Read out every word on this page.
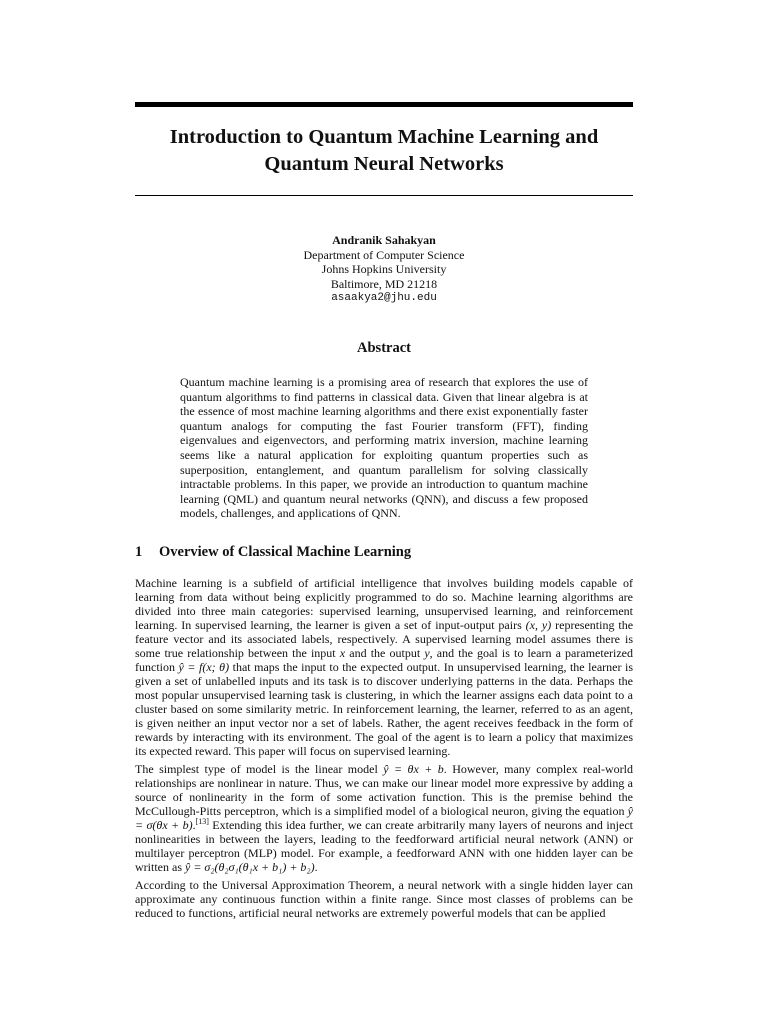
Introduction to Quantum Machine Learning and Quantum Neural Networks
Andranik Sahakyan
Department of Computer Science
Johns Hopkins University
Baltimore, MD 21218
asaakya2@jhu.edu
Abstract
Quantum machine learning is a promising area of research that explores the use of quantum algorithms to find patterns in classical data. Given that linear algebra is at the essence of most machine learning algorithms and there exist exponentially faster quantum analogs for computing the fast Fourier transform (FFT), finding eigenvalues and eigenvectors, and performing matrix inversion, machine learning seems like a natural application for exploiting quantum properties such as superposition, entanglement, and quantum parallelism for solving classically intractable problems. In this paper, we provide an introduction to quantum machine learning (QML) and quantum neural networks (QNN), and discuss a few proposed models, challenges, and applications of QNN.
1 Overview of Classical Machine Learning

Machine learning is a subfield of artificial intelligence that involves building models capable of learning from data without being explicitly programmed to do so. Machine learning algorithms are divided into three main categories: supervised learning, unsupervised learning, and reinforcement learning. In supervised learning, the learner is given a set of input-output pairs (x, y) representing the feature vector and its associated labels, respectively. A supervised learning model assumes there is some true relationship between the input x and the output y, and the goal is to learn a parameterized function ŷ = f(x; θ) that maps the input to the expected output. In unsupervised learning, the learner is given a set of unlabelled inputs and its task is to discover underlying patterns in the data. Perhaps the most popular unsupervised learning task is clustering, in which the learner assigns each data point to a cluster based on some similarity metric. In reinforcement learning, the learner, referred to as an agent, is given neither an input vector nor a set of labels. Rather, the agent receives feedback in the form of rewards by interacting with its environment. The goal of the agent is to learn a policy that maximizes its expected reward. This paper will focus on supervised learning.

The simplest type of model is the linear model ŷ = θx + b. However, many complex real-world relationships are nonlinear in nature. Thus, we can make our linear model more expressive by adding a source of nonlinearity in the form of some activation function. This is the premise behind the McCullough-Pitts perceptron, which is a simplified model of a biological neuron, giving the equation ŷ = σ(θx + b).[13] Extending this idea further, we can create arbitrarily many layers of neurons and inject nonlinearities in between the layers, leading to the feedforward artificial neural network (ANN) or multilayer perceptron (MLP) model. For example, a feedforward ANN with one hidden layer can be written as ŷ = σ₂(θ₂σ₁(θ₁x + b₁) + b₂).

According to the Universal Approximation Theorem, a neural network with a single hidden layer can approximate any continuous function within a finite range. Since most classes of problems can be reduced to functions, artificial neural networks are extremely powerful models that can be applied
